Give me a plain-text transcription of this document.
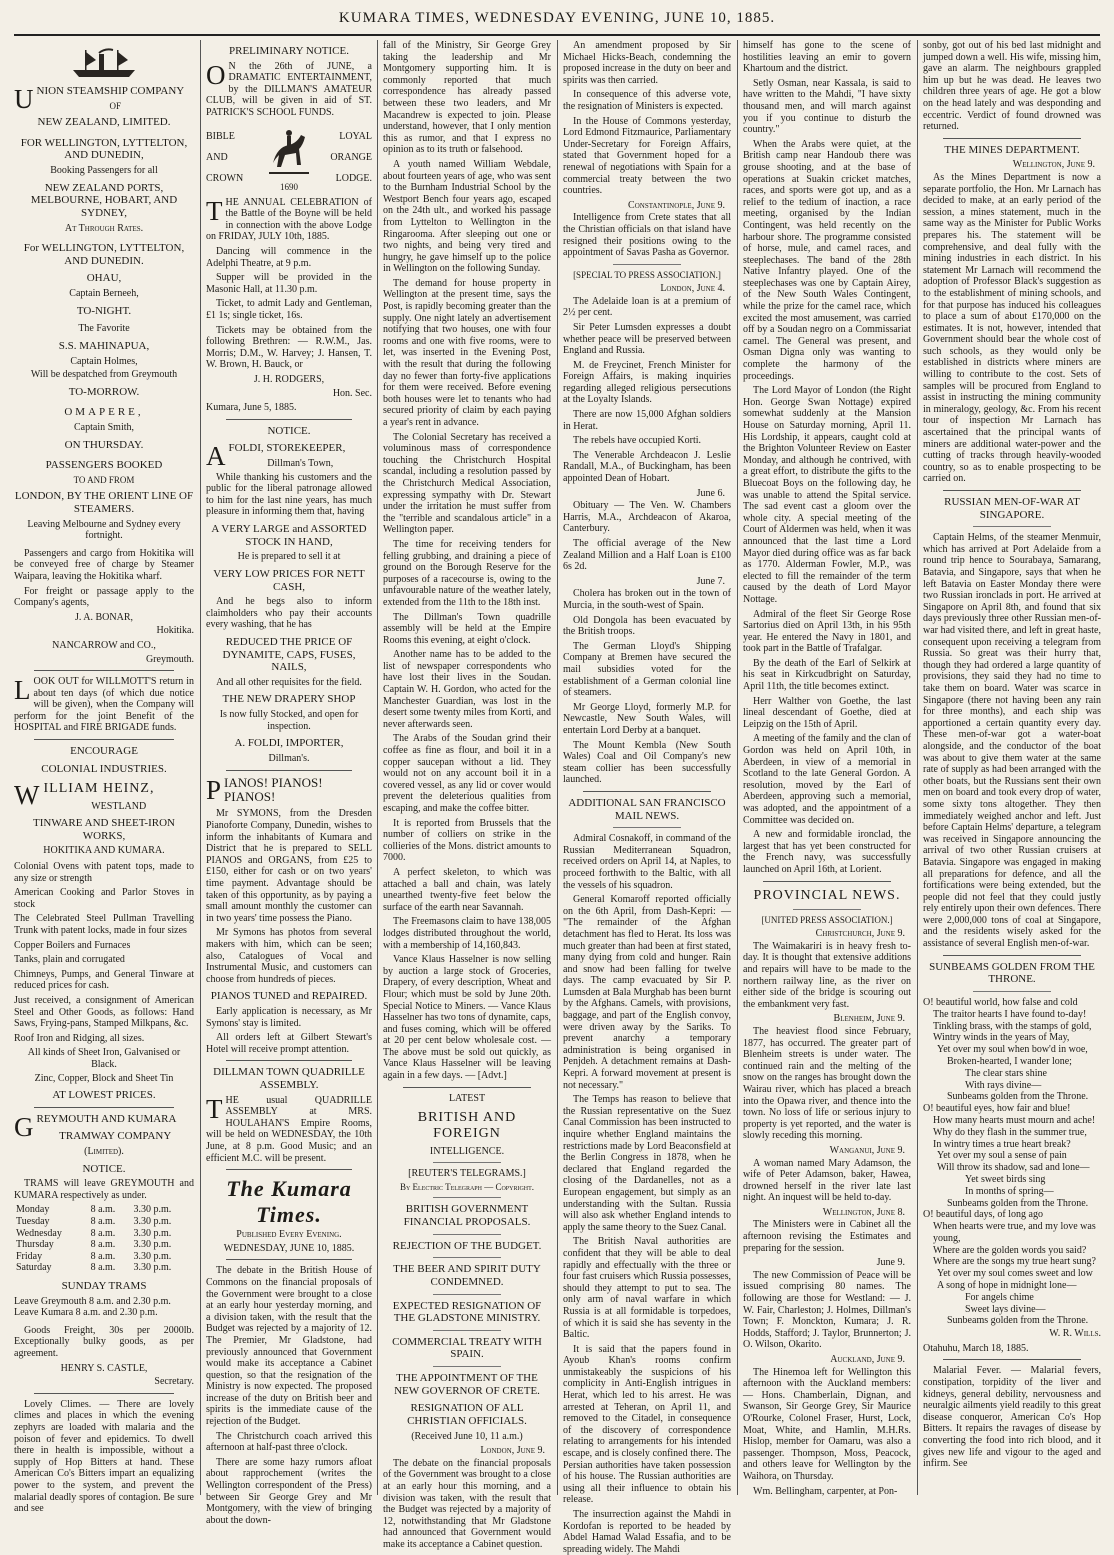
KUMARA TIMES, WEDNESDAY EVENING, JUNE 10, 1885.
UNION STEAMSHIP COMPANY
OF
NEW ZEALAND, LIMITED.
FOR WELLINGTON, LYTTELTON, AND DUNEDIN,
Booking Passengers for all
NEW ZEALAND PORTS, MELBOURNE, HOBART, AND SYDNEY,
At Through Rates.
For WELLINGTON, LYTTELTON, AND DUNEDIN.
OHAU,
Captain Berneeh,
TO-NIGHT.
The Favorite
S.S. MAHINAPUA,
Captain Holmes,
Will be despatched from Greymouth
TO-MORROW.
OMAPERE,
Captain Smith,
ON THURSDAY.
PASSENGERS BOOKED
TO AND FROM
LONDON, BY THE ORIENT LINE OF STEAMERS.
Leaving Melbourne and Sydney every fortnight.

Passengers and cargo from Hokitika will be conveyed free of charge by Steamer Waipara, leaving the Hokitika wharf.

For freight or passage apply to the Company's agents,

J. A. BONAR,
Hokitika.
NANCARROW and CO.,
Greymouth.

LOOK OUT for WILLMOTT'S return in about ten days (of which due notice will be given), when the Company will perform for the joint Benefit of the HOSPITAL and FIRE BRIGADE funds.

ENCOURAGE
COLONIAL INDUSTRIES.
WILLIAM HEINZ,
WESTLAND
TINWARE AND SHEET-IRON WORKS,
HOKITIKA AND KUMARA.

Colonial Ovens with patent tops, made to any size or strength

American Cooking and Parlor Stoves in stock

The Celebrated Steel Pullman Travelling Trunk with patent locks, made in four sizes

Copper Boilers and Furnaces

Tanks, plain and corrugated

Chimneys, Pumps, and General Tinware at reduced prices for cash.

Just received, a consignment of American Steel and Other Goods, as follows: Hand Saws, Frying-pans, Stamped Milkpans, &c.

Roof Iron and Ridging, all sizes.

All kinds of Sheet Iron, Galvanised or Black.
Zinc, Copper, Block and Sheet Tin
AT LOWEST PRICES.
GREYMOUTH AND KUMARA
TRAMWAY COMPANY
(Limited).
NOTICE.

TRAMS will leave GREYMOUTH and KUMARA respectively as under.

Monday	8 a.m.	3.30 p.m.
Tuesday	8 a.m.	3.30 p.m.
Wednesday	8 a.m.	3.30 p.m.
Thursday	8 a.m.	3.30 p.m.
Friday	8 a.m.	3.30 p.m.
Saturday	8 a.m.	3.30 p.m.
SUNDAY TRAMS
Leave Greymouth 8 a.m. and 2.30 p.m.
Leave Kumara 8 a.m. and 2.30 p.m.

Goods Freight, 30s per 2000lb. Exceptionally bulky goods, as per agreement.

HENRY S. CASTLE,
Secretary.

Lovely Climes. — There are lovely climes and places in which the evening zephyrs are loaded with malaria and the poison of fever and epidemics. To dwell there in health is impossible, without a supply of Hop Bitters at hand. These American Co's Bitters impart an equalizing power to the system, and prevent the malarial deadly spores of contagion. Be sure and see

PRELIMINARY NOTICE.

O N the 26th of JUNE, a DRAMATIC ENTERTAINMENT, by the DILLMAN'S AMATEUR CLUB, will be given in aid of ST. PATRICK'S SCHOOL FUNDS.

BIBLE
AND
CROWN
1690
LOYAL
ORANGE
LODGE.

THE ANNUAL CELEBRATION of the Battle of the Boyne will be held in connection with the above Lodge on FRIDAY, JULY 10th, 1885.

Dancing will commence in the Adelphi Theatre, at 9 p.m.

Supper will be provided in the Masonic Hall, at 11.30 p.m.

Ticket, to admit Lady and Gentleman, £1 1s; single ticket, 16s.

Tickets may be obtained from the following Brethren: — R.W.M., Jas. Morris; D.M., W. Harvey; J. Hansen, T. W. Brown, H. Bauck, or

J. H. RODGERS,
Hon. Sec.
Kumara, June 5, 1885.
NOTICE.
AFOLDI, STOREKEEPER,
Dillman's Town,

While thanking his customers and the public for the liberal patronage allowed to him for the last nine years, has much pleasure in informing them that, having

A VERY LARGE and ASSORTED STOCK IN HAND,
He is prepared to sell it at
VERY LOW PRICES FOR NETT CASH,

And he begs also to inform claimholders who pay their accounts every washing, that he has

REDUCED THE PRICE OF DYNAMITE, CAPS, FUSES, NAILS,
And all other requisites for the field.
THE NEW DRAPERY SHOP
Is now fully Stocked, and open for inspection.
A. FOLDI, IMPORTER,
Dillman's.
PIANOS! PIANOS! PIANOS!

Mr SYMONS, from the Dresden Pianoforte Company, Dunedin, wishes to inform the inhabitants of Kumara and District that he is prepared to SELL PIANOS and ORGANS, from £25 to £150, either for cash or on two years' time payment. Advantage should be taken of this opportunity, as by paying a small amount monthly the customer can in two years' time possess the Piano.

Mr Symons has photos from several makers with him, which can be seen; also, Catalogues of Vocal and Instrumental Music, and customers can choose from hundreds of pieces.

PIANOS TUNED and REPAIRED.

Early application is necessary, as Mr Symons' stay is limited.

All orders left at Gilbert Stewart's Hotel will receive prompt attention.

DILLMAN TOWN QUADRILLE ASSEMBLY.

THE usual QUADRILLE ASSEMBLY at MRS. HOULAHAN'S Empire Rooms, will be held on WEDNESDAY, the 10th June, at 8 p.m. Good Music; and an efficient M.C. will be present.

The Kumara Times.
Published Every Evening.
WEDNESDAY, JUNE 10, 1885.

The debate in the British House of Commons on the financial proposals of the Government were brought to a close at an early hour yesterday morning, and a division taken, with the result that the Budget was rejected by a majority of 12. The Premier, Mr Gladstone, had previously announced that Government would make its acceptance a Cabinet question, so that the resignation of the Ministry is now expected. The proposed increase of the duty on British beer and spirits is the immediate cause of the rejection of the Budget.

The Christchurch coach arrived this afternoon at half-past three o'clock.

There are some hazy rumors afloat about rapprochement (writes the Wellington correspondent of the Press) between Sir George Grey and Mr Montgomery, with the view of bringing about the down-

fall of the Ministry, Sir George Grey taking the leadership and Mr Montgomery supporting him. It is commonly reported that much correspondence has already passed between these two leaders, and Mr Macandrew is expected to join. Please understand, however, that I only mention this as rumor, and that I express no opinion as to its truth or falsehood.

A youth named William Webdale, about fourteen years of age, who was sent to the Burnham Industrial School by the Westport Bench four years ago, escaped on the 24th ult., and worked his passage from Lyttelton to Wellington in the Ringarooma. After sleeping out one or two nights, and being very tired and hungry, he gave himself up to the police in Wellington on the following Sunday.

The demand for house property in Wellington at the present time, says the Post, is rapidly becoming greater than the supply. One night lately an advertisement notifying that two houses, one with four rooms and one with five rooms, were to let, was inserted in the Evening Post, with the result that during the following day no fewer than forty-five applications for them were received. Before evening both houses were let to tenants who had secured priority of claim by each paying a year's rent in advance.

The Colonial Secretary has received a voluminous mass of correspondence touching the Christchurch Hospital scandal, including a resolution passed by the Christchurch Medical Association, expressing sympathy with Dr. Stewart under the irritation he must suffer from the "terrible and scandalous article" in a Wellington paper.

The time for receiving tenders for felling grubbing, and draining a piece of ground on the Borough Reserve for the purposes of a racecourse is, owing to the unfavourable nature of the weather lately, extended from the 11th to the 18th inst.

The Dillman's Town quadrille assembly will be held at the Empire Rooms this evening, at eight o'clock.

Another name has to be added to the list of newspaper correspondents who have lost their lives in the Soudan. Captain W. H. Gordon, who acted for the Manchester Guardian, was lost in the desert some twenty miles from Korti, and never afterwards seen.

The Arabs of the Soudan grind their coffee as fine as flour, and boil it in a copper saucepan without a lid. They would not on any account boil it in a covered vessel, as any lid or cover would prevent the deleterious qualities from escaping, and make the coffee bitter.

It is reported from Brussels that the number of colliers on strike in the collieries of the Mons. district amounts to 7000.

A perfect skeleton, to which was attached a ball and chain, was lately unearthed twenty-five feet below the surface of the earth near Savannah.

The Freemasons claim to have 138,005 lodges distributed throughout the world, with a membership of 14,160,843.

Vance Klaus Hasselner is now selling by auction a large stock of Groceries, Drapery, of every description, Wheat and Flour; which must be sold by June 20th. Special Notice to Miners. — Vance Klaus Hasselner has two tons of dynamite, caps, and fuses coming, which will be offered at 20 per cent below wholesale cost. — The above must be sold out quickly, as Vance Klaus Hasselner will be leaving again in a few days. — [Advt.]

LATEST
BRITISH AND FOREIGN
INTELLIGENCE.
[REUTER'S TELEGRAMS.]
By Electric Telegraph — Copyright.
BRITISH GOVERNMENT FINANCIAL PROPOSALS.
REJECTION OF THE BUDGET.
THE BEER AND SPIRIT DUTY CONDEMNED.
EXPECTED RESIGNATION OF THE GLADSTONE MINISTRY.
COMMERCIAL TREATY WITH SPAIN.
THE APPOINTMENT OF THE NEW GOVERNOR OF CRETE.
RESIGNATION OF ALL CHRISTIAN OFFICIALS.
(Received June 10, 11 a.m.)
London, June 9.

The debate on the financial proposals of the Government was brought to a close at an early hour this morning, and a division was taken, with the result that the Budget was rejected by a majority of 12, notwithstanding that Mr Gladstone had announced that Government would make its acceptance a Cabinet question.

An amendment proposed by Sir Michael Hicks-Beach, condemning the proposed increase in the duty on beer and spirits was then carried.

In consequence of this adverse vote, the resignation of Ministers is expected.

In the House of Commons yesterday, Lord Edmond Fitzmaurice, Parliamentary Under-Secretary for Foreign Affairs, stated that Government hoped for a renewal of negotiations with Spain for a commercial treaty between the two countries.

Constantinople, June 9.

Intelligence from Crete states that all the Christian officials on that island have resigned their positions owing to the appointment of Savas Pasha as Governor.

[SPECIAL TO PRESS ASSOCIATION.]
London, June 4.

The Adelaide loan is at a premium of 2½ per cent.

Sir Peter Lumsden expresses a doubt whether peace will be preserved between England and Russia.

M. de Freycinet, French Minister for Foreign Affairs, is making inquiries regarding alleged religious persecutions at the Loyalty Islands.

There are now 15,000 Afghan soldiers in Herat.

The rebels have occupied Korti.

The Venerable Archdeacon J. Leslie Randall, M.A., of Buckingham, has been appointed Dean of Hobart.

June 6.

Obituary — The Ven. W. Chambers Harris, M.A., Archdeacon of Akaroa, Canterbury.

The official average of the New Zealand Million and a Half Loan is £100 6s 2d.

June 7.

Cholera has broken out in the town of Murcia, in the south-west of Spain.

Old Dongola has been evacuated by the British troops.

The German Lloyd's Shipping Company at Bremen have secured the mail subsidies voted for the establishment of a German colonial line of steamers.

Mr George Lloyd, formerly M.P. for Newcastle, New South Wales, will entertain Lord Derby at a banquet.

The Mount Kembla (New South Wales) Coal and Oil Company's new steam collier has been successfully launched.

ADDITIONAL SAN FRANCISCO MAIL NEWS.

Admiral Cosnakoff, in command of the Russian Mediterranean Squadron, received orders on April 14, at Naples, to proceed forthwith to the Baltic, with all the vessels of his squadron.

General Komaroff reported officially on the 6th April, from Dash-Kepri: — "The remainder of the Afghan detachment has fled to Herat. Its loss was much greater than had been at first stated, many dying from cold and hunger. Rain and snow had been falling for twelve days. The camp evacuated by Sir P. Lumsden at Bala Murghab has been burnt by the Afghans. Camels, with provisions, baggage, and part of the English convoy, were driven away by the Sariks. To prevent anarchy a temporary administration is being organised in Penjdeh. A detachment remains at Dash-Kepri. A forward movement at present is not necessary."

The Temps has reason to believe that the Russian representative on the Suez Canal Commission has been instructed to inquire whether England maintains the restrictions made by Lord Beaconsfield at the Berlin Congress in 1878, when he declared that England regarded the closing of the Dardanelles, not as a European engagement, but simply as an understanding with the Sultan. Russia will also ask whether England intends to apply the same theory to the Suez Canal.

The British Naval authorities are confident that they will be able to deal rapidly and effectually with the three or four fast cruisers which Russia possesses, should they attempt to put to sea. The only arm of naval warfare in which Russia is at all formidable is torpedoes, of which it is said she has seventy in the Baltic.

It is said that the papers found in Ayoub Khan's rooms confirm unmistakeably the suspicions of his complicity in Anti-English intrigues in Herat, which led to his arrest. He was arrested at Teheran, on April 11, and removed to the Citadel, in consequence of the discovery of correspondence relating to arrangements for his intended escape, and is closely confined there. The Persian authorities have taken possession of his house. The Russian authorities are using all their influence to obtain his release.

The insurrection against the Mahdi in Kordofan is reported to be headed by Abdel Hamad Walad Essafia, and to be spreading widely. The Mahdi

himself has gone to the scene of hostilities leaving an emir to govern Khartoum and the district.

Setly Osman, near Kassala, is said to have written to the Mahdi, "I have sixty thousand men, and will march against you if you continue to disturb the country."

When the Arabs were quiet, at the British camp near Handoub there was grouse shooting, and at the base of operations at Suakin cricket matches, races, and sports were got up, and as a relief to the tedium of inaction, a race meeting, organised by the Indian Contingent, was held recently on the harbour shore. The programme consisted of horse, mule, and camel races, and steeplechases. The band of the 28th Native Infantry played. One of the steeplechases was one by Captain Airey, of the New South Wales Contingent, while the prize for the camel race, which excited the most amusement, was carried off by a Soudan negro on a Commissariat camel. The General was present, and Osman Digna only was wanting to complete the harmony of the proceedings.

The Lord Mayor of London (the Right Hon. George Swan Nottage) expired somewhat suddenly at the Mansion House on Saturday morning, April 11. His Lordship, it appears, caught cold at the Brighton Volunteer Review on Easter Monday, and although he contrived, with a great effort, to distribute the gifts to the Bluecoat Boys on the following day, he was unable to attend the Spital service. The sad event cast a gloom over the whole city. A special meeting of the Court of Aldermen was held, when it was announced that the last time a Lord Mayor died during office was as far back as 1770. Alderman Fowler, M.P., was elected to fill the remainder of the term caused by the death of Lord Mayor Nottage.

Admiral of the fleet Sir George Rose Sartorius died on April 13th, in his 95th year. He entered the Navy in 1801, and took part in the Battle of Trafalgar.

By the death of the Earl of Selkirk at his seat in Kirkcudbright on Saturday, April 11th, the title becomes extinct.

Herr Walther von Goethe, the last lineal descendant of Goethe, died at Leipzig on the 15th of April.

A meeting of the family and the clan of Gordon was held on April 10th, in Aberdeen, in view of a memorial in Scotland to the late General Gordon. A resolution, moved by the Earl of Aberdeen, approving such a memorial, was adopted, and the appointment of a Committee was decided on.

A new and formidable ironclad, the largest that has yet been constructed for the French navy, was successfully launched on April 16th, at Lorient.

PROVINCIAL NEWS.
[UNITED PRESS ASSOCIATION.]
Christchurch, June 9.

The Waimakariri is in heavy fresh to-day. It is thought that extensive additions and repairs will have to be made to the northern railway line, as the river on either side of the bridge is scouring out the embankment very fast.

Blenheim, June 9.

The heaviest flood since February, 1877, has occurred. The greater part of Blenheim streets is under water. The continued rain and the melting of the snow on the ranges has brought down the Wairau river, which has placed a breach into the Opawa river, and thence into the town. No loss of life or serious injury to property is yet reported, and the water is slowly receding this morning.

Wanganui, June 9.

A woman named Mary Adamson, the wife of Peter Adamson, baker, Hawea, drowned herself in the river late last night. An inquest will be held to-day.

Wellington, June 8.

The Ministers were in Cabinet all the afternoon revising the Estimates and preparing for the session.

June 9.

The new Commission of Peace will be issued comprising 80 names. The following are those for Westland: — J. W. Fair, Charleston; J. Holmes, Dillman's Town; F. Monckton, Kumara; J. R. Hodds, Stafford; J. Taylor, Brunnerton; J. O. Wilson, Okarito.

Auckland, June 9.

The Hinemoa left for Wellington this afternoon with the Auckland members: — Hons. Chamberlain, Dignan, and Swanson, Sir George Grey, Sir Maurice O'Rourke, Colonel Fraser, Hurst, Lock, Moat, White, and Hamlin, M.H.Rs. Hislop, member for Oamaru, was also a passenger. Thompson, Moss, Peacock, and others leave for Wellington by the Waihora, on Thursday.

Wm. Bellingham, carpenter, at Pon-

sonby, got out of his bed last midnight and jumped down a well. His wife, missing him, gave an alarm. The neighbours grappled him up but he was dead. He leaves two children three years of age. He got a blow on the head lately and was desponding and eccentric. Verdict of found drowned was returned.

THE MINES DEPARTMENT.
Wellington, June 9.

As the Mines Department is now a separate portfolio, the Hon. Mr Larnach has decided to make, at an early period of the session, a mines statement, much in the same way as the Minister for Public Works prepares his. The statement will be comprehensive, and deal fully with the mining industries in each district. In his statement Mr Larnach will recommend the adoption of Professor Black's suggestion as to the establishment of mining schools, and for that purpose has induced his colleagues to place a sum of about £170,000 on the estimates. It is not, however, intended that Government should bear the whole cost of such schools, as they would only be established in districts where miners are willing to contribute to the cost. Sets of samples will be procured from England to assist in instructing the mining community in mineralogy, geology, &c. From his recent tour of inspection Mr Larnach has ascertained that the principal wants of miners are additional water-power and the cutting of tracks through heavily-wooded country, so as to enable prospecting to be carried on.

RUSSIAN MEN-OF-WAR AT SINGAPORE.

Captain Helms, of the steamer Menmuir, which has arrived at Port Adelaide from a round trip hence to Sourabaya, Samarang, Batavia, and Singapore, says that when he left Batavia on Easter Monday there were two Russian ironclads in port. He arrived at Singapore on April 8th, and found that six days previously three other Russian men-of-war had visited there, and left in great haste, consequent upon receiving a telegram from Russia. So great was their hurry that, though they had ordered a large quantity of provisions, they said they had no time to take them on board. Water was scarce in Singapore (there not having been any rain for three months), and each ship was apportioned a certain quantity every day. These men-of-war got a water-boat alongside, and the conductor of the boat was about to give them water at the same rate of supply as had been arranged with the other boats, but the Russians sent their own men on board and took every drop of water, some sixty tons altogether. They then immediately weighed anchor and left. Just before Captain Helms' departure, a telegram was received in Singapore announcing the arrival of two other Russian cruisers at Batavia. Singapore was engaged in making all preparations for defence, and all the fortifications were being extended, but the people did not feel that they could justly rely entirely upon their own defences. There were 2,000,000 tons of coal at Singapore, and the residents wisely asked for the assistance of several English men-of-war.

SUNBEAMS GOLDEN FROM THE THRONE.
O! beautiful world, how false and cold
The traitor hearts I have found to-day!
Tinkling brass, with the stamps of gold,
Wintry winds in the years of May,
Yet over my soul when bow'd in woe,
Broken-hearted, I wander lone;
The clear stars shine
With rays divine—
Sunbeams golden from the Throne.
O! beautiful eyes, how fair and blue!
How many hearts must mourn and ache!
Why do they flash in the summer true,
In wintry times a true heart break?
Yet over my soul a sense of pain
Will throw its shadow, sad and lone—
Yet sweet birds sing
In months of spring—
Sunbeams golden from the Throne.
O! beautiful days, of long ago
When hearts were true, and my love was young,
Where are the golden words you said?
Where are the songs my true heart sung?
Yet over my soul comes sweet and low
A song of hope in midnight lone—
For angels chime
Sweet lays divine—
Sunbeams golden from the Throne.
W. R. Wills.
Otahuhu, March 18, 1885.

Malarial Fever. — Malarial fevers, constipation, torpidity of the liver and kidneys, general debility, nervousness and neuralgic ailments yield readily to this great disease conqueror, American Co's Hop Bitters. It repairs the ravages of disease by converting the food into rich blood, and it gives new life and vigour to the aged and infirm. See
